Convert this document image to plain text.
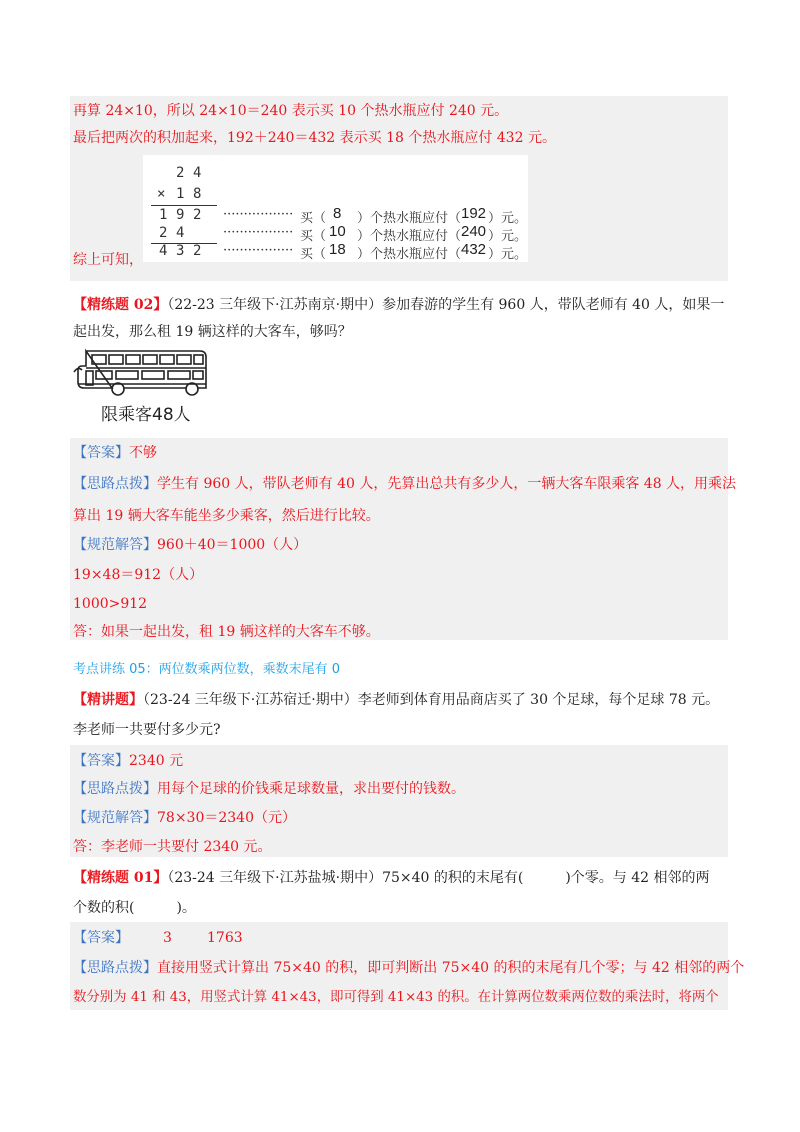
再算 24×10，所以 24×10＝240 表示买 10 个热水瓶应付 240 元。
最后把两次的积加起来，192＋240＝432 表示买 18 个热水瓶应付 432 元。
2 4
× 1 8
1 9 2
2 4
4 3 2
················· 买（ 8 ）个热水瓶应付（ 192 ）元。
················· 买（ 10 ）个热水瓶应付（ 240 ）元。
················· 买（ 18 ）个热水瓶应付（ 432 ）元。
综上可知，
【精练题 02】（22-23 三年级下·江苏南京·期中）参加春游的学生有 960 人，带队老师有 40 人，如果一
起出发，那么租 19 辆这样的大客车，够吗？
限乘客48人
【答案】不够
【思路点拨】学生有 960 人，带队老师有 40 人，先算出总共有多少人，一辆大客车限乘客 48 人，用乘法
算出 19 辆大客车能坐多少乘客，然后进行比较。
【规范解答】960＋40＝1000（人）
19×48＝912（人）
1000>912
答：如果一起出发，租 19 辆这样的大客车不够。
考点讲练 05：两位数乘两位数，乘数末尾有 0
【精讲题】（23-24 三年级下·江苏宿迁·期中）李老师到体育用品商店买了 30 个足球，每个足球 78 元。
李老师一共要付多少元?
【答案】2340 元
【思路点拨】用每个足球的价钱乘足球数量，求出要付的钱数。
【规范解答】78×30＝2340（元）
答：李老师一共要付 2340 元。
【精练题 01】（23-24 三年级下·江苏盐城·期中）75×40 的积的末尾有(　　　)个零。与 42 相邻的两
个数的积(　　　)。
【答案】 3	1763
【思路点拨】直接用竖式计算出 75×40 的积，即可判断出 75×40 的积的末尾有几个零；与 42 相邻的两个
数分别为 41 和 43，用竖式计算 41×43，即可得到 41×43 的积。在计算两位数乘两位数的乘法时，将两个
